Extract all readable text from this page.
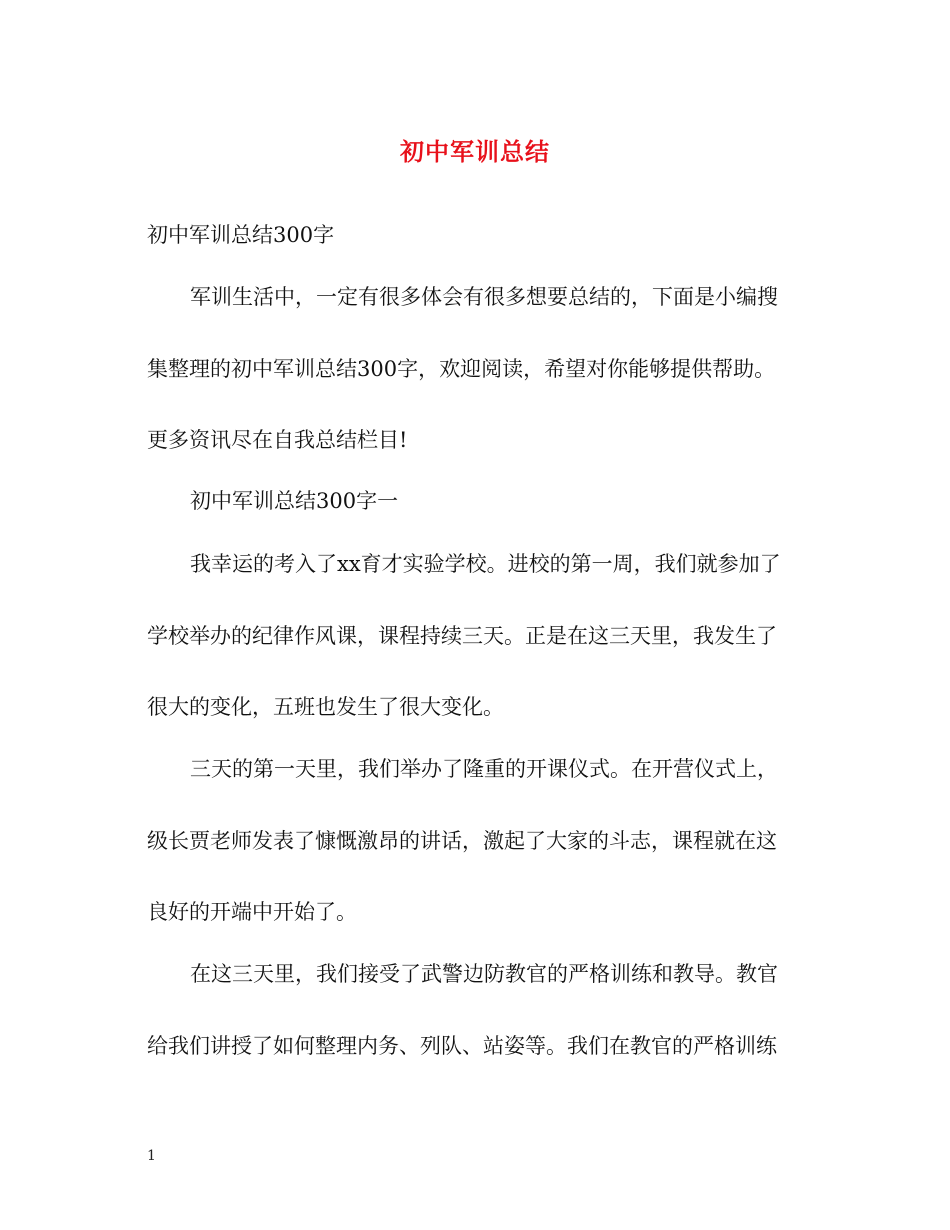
初中军训总结
初中军训总结300字
军训生活中，一定有很多体会有很多想要总结的，下面是小编搜
集整理的初中军训总结300字，欢迎阅读，希望对你能够提供帮助。
更多资讯尽在自我总结栏目!
初中军训总结300字一
我幸运的考入了xx育才实验学校。进校的第一周，我们就参加了
学校举办的纪律作风课，课程持续三天。正是在这三天里，我发生了
很大的变化，五班也发生了很大变化。
三天的第一天里，我们举办了隆重的开课仪式。在开营仪式上，
级长贾老师发表了慷慨激昂的讲话，激起了大家的斗志，课程就在这
良好的开端中开始了。
在这三天里，我们接受了武警边防教官的严格训练和教导。教官
给我们讲授了如何整理内务、列队、站姿等。我们在教官的严格训练
1
